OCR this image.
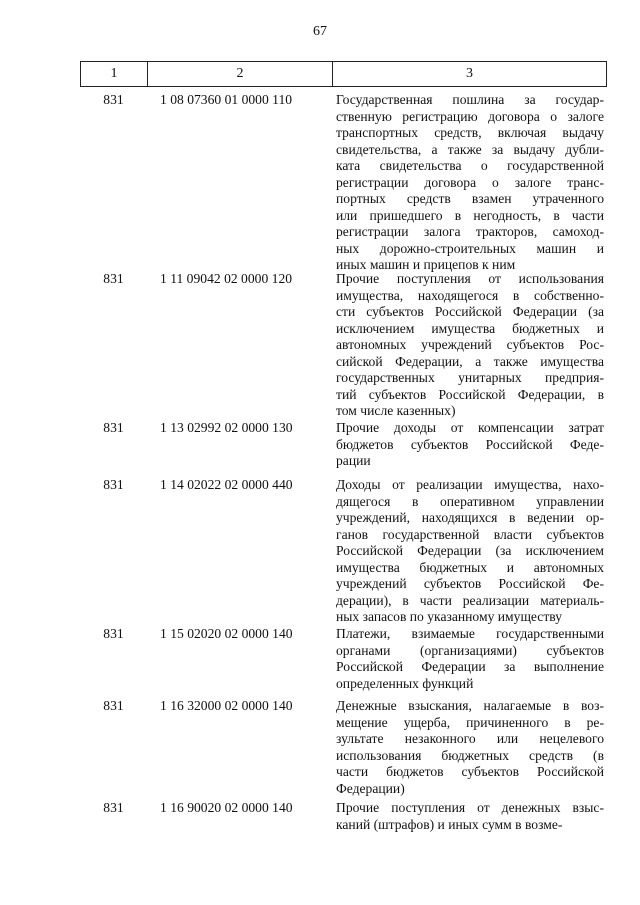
67
1	2	3
831	1 08 07360 01 0000 110	Государственная пошлина за государ-
ственную регистрацию договора о залоге
транспортных средств, включая выдачу
свидетельства, а также за выдачу дубли-
ката свидетельства о государственной
регистрации договора о залоге транс-
портных средств взамен утраченного
или пришедшего в негодность, в части
регистрации залога тракторов, самоход-
ных дорожно-строительных машин и
иных машин и прицепов к ним
831	1 11 09042 02 0000 120	Прочие поступления от использования
имущества, находящегося в собственно-
сти субъектов Российской Федерации (за
исключением имущества бюджетных и
автономных учреждений субъектов Рос-
сийской Федерации, а также имущества
государственных унитарных предприя-
тий субъектов Российской Федерации, в
том числе казенных)
831	1 13 02992 02 0000 130	Прочие доходы от компенсации затрат
бюджетов субъектов Российской Феде-
рации
831	1 14 02022 02 0000 440	Доходы от реализации имущества, нахо-
дящегося в оперативном управлении
учреждений, находящихся в ведении ор-
ганов государственной власти субъектов
Российской Федерации (за исключением
имущества бюджетных и автономных
учреждений субъектов Российской Фе-
дерации), в части реализации материаль-
ных запасов по указанному имуществу
831	1 15 02020 02 0000 140	Платежи, взимаемые государственными
органами (организациями) субъектов
Российской Федерации за выполнение
определенных функций
831	1 16 32000 02 0000 140	Денежные взыскания, налагаемые в воз-
мещение ущерба, причиненного в ре-
зультате незаконного или нецелевого
использования бюджетных средств (в
части бюджетов субъектов Российской
Федерации)
831	1 16 90020 02 0000 140	Прочие поступления от денежных взыс-
каний (штрафов) и иных сумм в возме-
